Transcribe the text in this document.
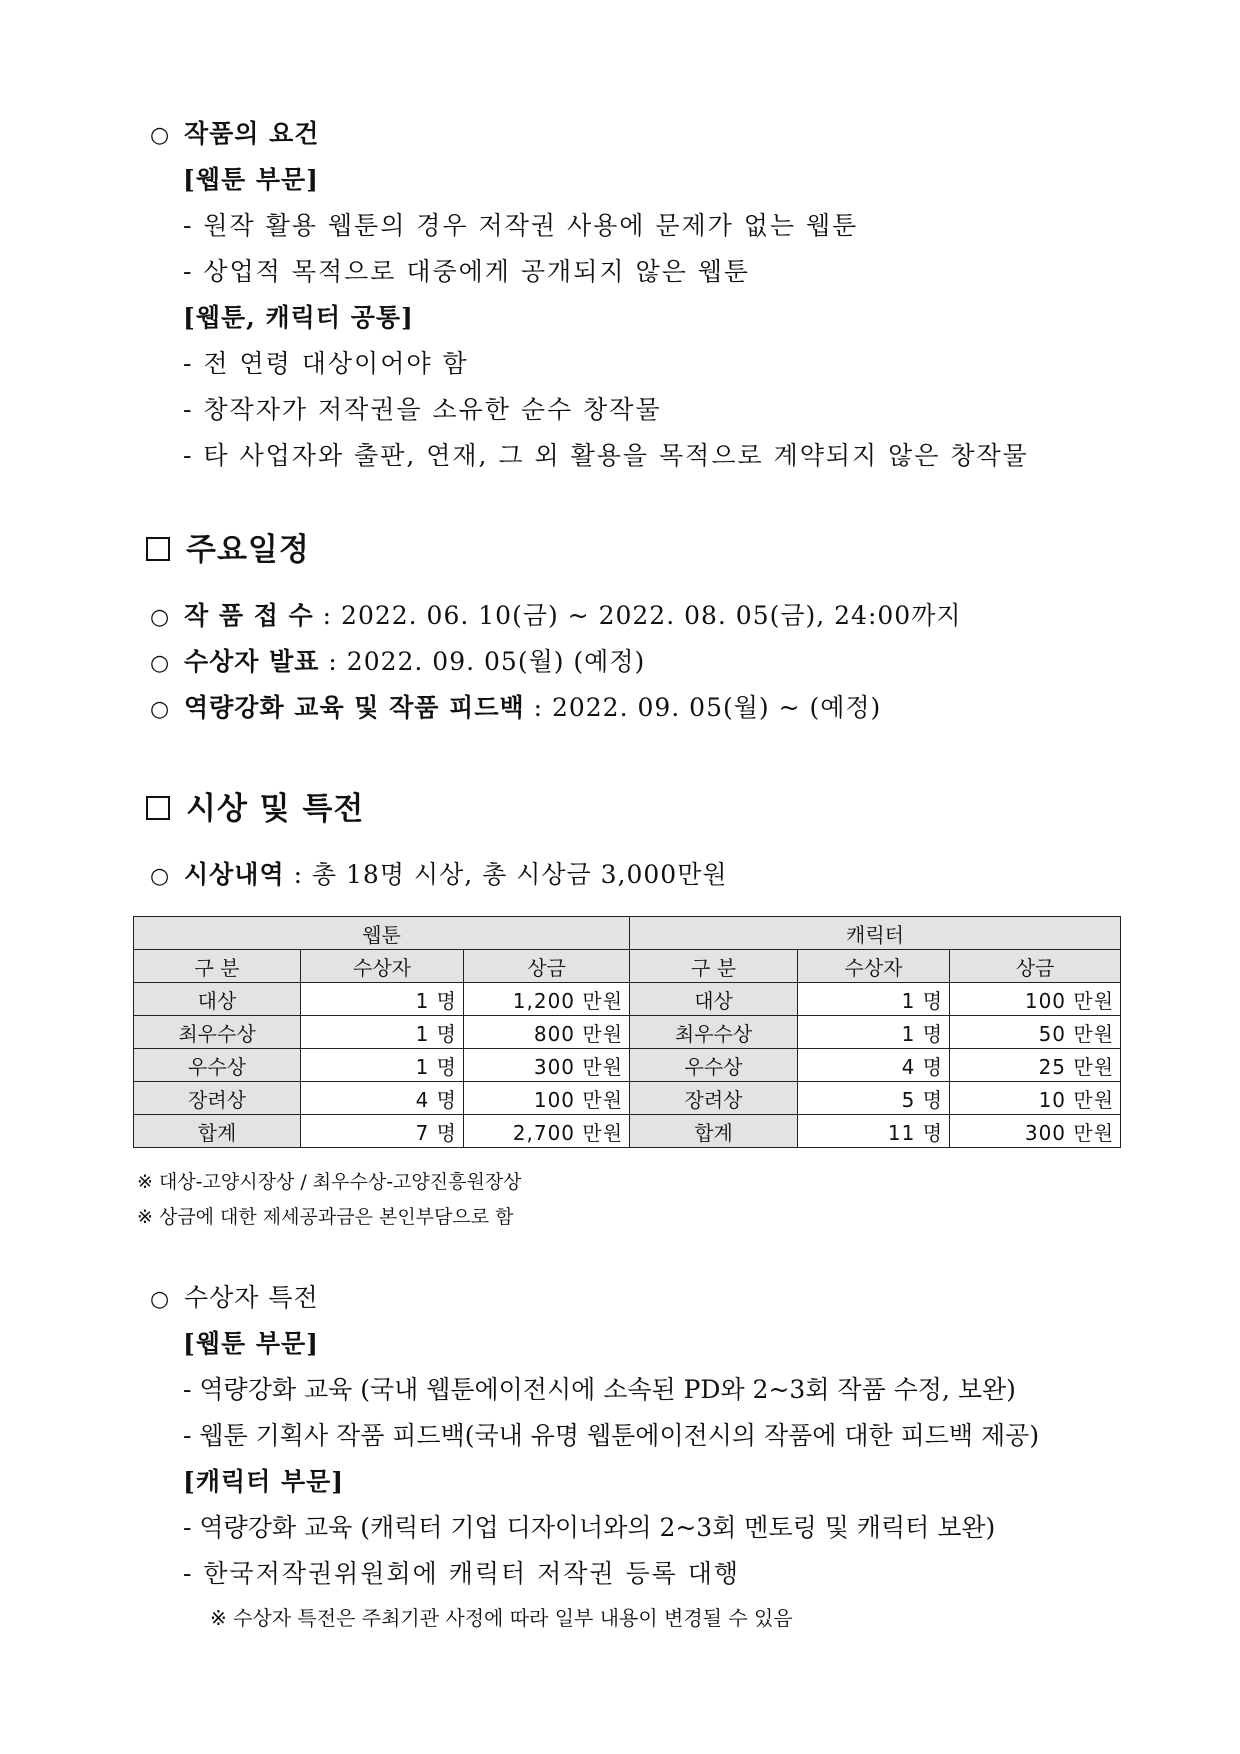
○ 작품의 요건
[웹툰 부문]
- 원작 활용 웹툰의 경우 저작권 사용에 문제가 없는 웹툰
- 상업적 목적으로 대중에게 공개되지 않은 웹툰
[웹툰, 캐릭터 공통]
- 전 연령 대상이어야 함
- 창작자가 저작권을 소유한 순수 창작물
- 타 사업자와 출판, 연재, 그 외 활용을 목적으로 계약되지 않은 창작물
주요일정
○ 작 품 접 수 : 2022. 06. 10(금) ~ 2022. 08. 05(금), 24:00까지
○ 수상자 발표 : 2022. 09. 05(월) (예정)
○ 역량강화 교육 및 작품 피드백 : 2022. 09. 05(월) ~ (예정)
시상 및 특전
○ 시상내역 : 총 18명 시상, 총 시상금 3,000만원
웹툰			캐릭터		
구 분	수상자	상금	구 분	수상자	상금
대상	1 명	1,200 만원	대상	1 명	100 만원
최우수상	1 명	800 만원	최우수상	1 명	50 만원
우수상	1 명	300 만원	우수상	4 명	25 만원
장려상	4 명	100 만원	장려상	5 명	10 만원
합계	7 명	2,700 만원	합계	11 명	300 만원
※ 대상-고양시장상 / 최우수상-고양진흥원장상
※ 상금에 대한 제세공과금은 본인부담으로 함
○ 수상자 특전
[웹툰 부문]
- 역량강화 교육 (국내 웹툰에이전시에 소속된 PD와 2~3회 작품 수정, 보완)
- 웹툰 기획사 작품 피드백(국내 유명 웹툰에이전시의 작품에 대한 피드백 제공)
[캐릭터 부문]
- 역량강화 교육 (캐릭터 기업 디자이너와의 2~3회 멘토링 및 캐릭터 보완)
- 한국저작권위원회에 캐릭터 저작권 등록 대행
※ 수상자 특전은 주최기관 사정에 따라 일부 내용이 변경될 수 있음
